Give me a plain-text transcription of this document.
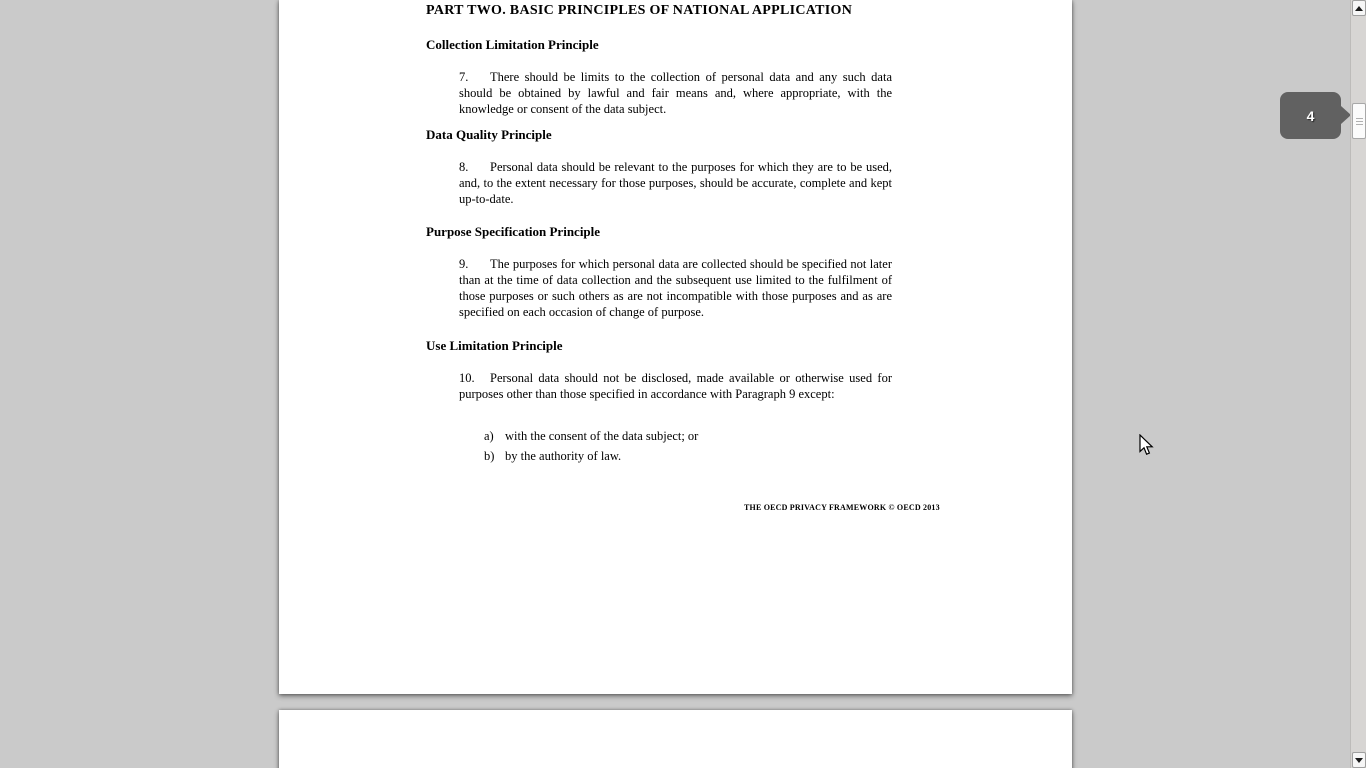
PART TWO. BASIC PRINCIPLES OF NATIONAL APPLICATION
Collection Limitation Principle

7. There should be limits to the collection of personal data and any such data should be obtained by lawful and fair means and, where appropriate, with the knowledge or consent of the data subject.

Data Quality Principle

8. Personal data should be relevant to the purposes for which they are to be used, and, to the extent necessary for those purposes, should be accurate, complete and kept up-to-date.

Purpose Specification Principle

9. The purposes for which personal data are collected should be specified not later than at the time of data collection and the subsequent use limited to the fulfilment of those purposes or such others as are not incompatible with those purposes and as are specified on each occasion of change of purpose.

Use Limitation Principle

10. Personal data should not be disclosed, made available or otherwise used for purposes other than those specified in accordance with Paragraph 9 except:

a) with the consent of the data subject; or
b) by the authority of law.
THE OECD PRIVACY FRAMEWORK © OECD 2013
4
